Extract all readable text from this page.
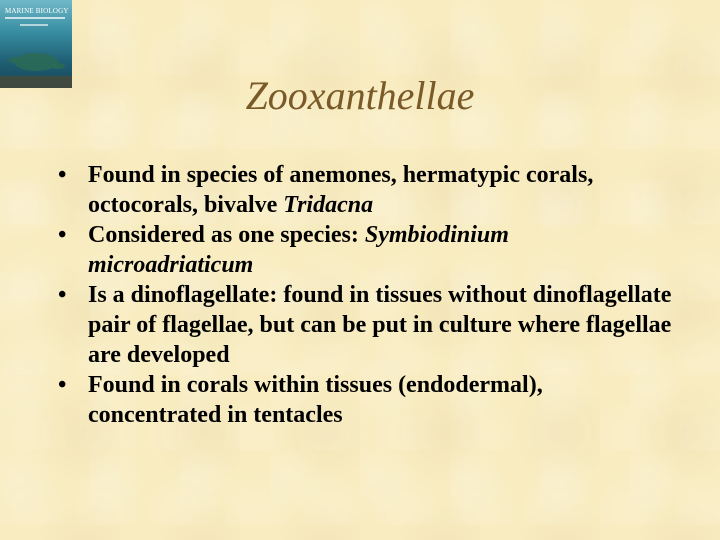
MARINE BIOLOGY
Zooxanthellae
• Found in species of anemones, hermatypic corals, octocorals, bivalve Tridacna
• Considered as one species: Symbiodinium microadriaticum
• Is a dinoflagellate: found in tissues without dinoflagellate pair of flagellae, but can be put in culture where flagellae are developed
• Found in corals within tissues (endodermal), concentrated in tentacles
